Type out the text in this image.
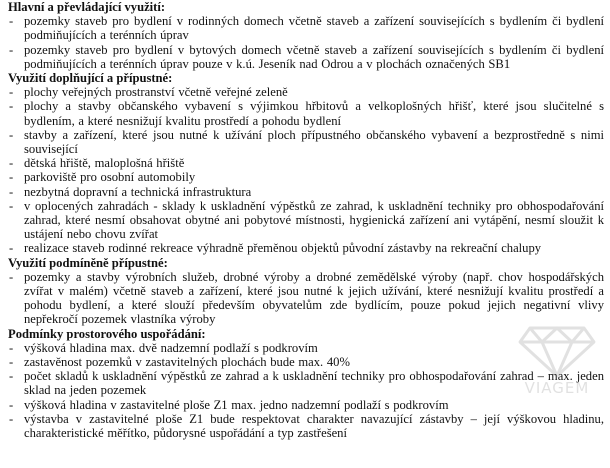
Hlavní a převládající využití:
- pozemky staveb pro bydlení v rodinných domech včetně staveb a zařízení souvisejících s bydlením či bydlení podmiňujících a terénních úprav
- pozemky staveb pro bydlení v bytových domech včetně staveb a zařízení souvisejících s bydlením či bydlení podmiňujících a terénních úprav pouze v k.ú. Jeseník nad Odrou a v plochách označených SB1
Využití doplňující a přípustné:
- plochy veřejných prostranství včetně veřejné zeleně
- plochy a stavby občanského vybavení s výjimkou hřbitovů a velkoplošných hřišť, které jsou slučitelné s bydlením, a které nesnižují kvalitu prostředí a pohodu bydlení
- stavby a zařízení, které jsou nutné k užívání ploch přípustného občanského vybavení a bezprostředně s nimi související
- dětská hřiště, maloplošná hřiště
- parkoviště pro osobní automobily
- nezbytná dopravní a technická infrastruktura
- v oplocených zahradách - sklady k uskladnění výpěstků ze zahrad, k uskladnění techniky pro obhospodařování zahrad, které nesmí obsahovat obytné ani pobytové místnosti, hygienická zařízení ani vytápění, nesmí sloužit k ustájení nebo chovu zvířat
- realizace staveb rodinné rekreace výhradně přeměnou objektů původní zástavby na rekreační chalupy
Využití podmíněně přípustné:
- pozemky a stavby výrobních služeb, drobné výroby a drobné zemědělské výroby (např. chov hospodářských zvířat v malém) včetně staveb a zařízení, které jsou nutné k jejich užívání, které nesnižují kvalitu prostředí a pohodu bydlení, a které slouží především obyvatelům zde bydlícím, pouze pokud jejich negativní vlivy nepřekročí pozemek vlastníka výroby
Podmínky prostorového uspořádání:
- výšková hladina max. dvě nadzemní podlaží s podkrovím
- zastavěnost pozemků v zastavitelných plochách bude max. 40%
- počet skladů k uskladnění výpěstků ze zahrad a k uskladnění techniky pro obhospodařování zahrad – max. jeden sklad na jeden pozemek
- výšková hladina v zastavitelné ploše Z1 max. jedno nadzemní podlaží s podkrovím
- výstavba v zastavitelné ploše Z1 bude respektovat charakter navazující zástavby – její výškovou hladinu, charakteristické měřítko, půdorysné uspořádání a typ zastřešení
VIAGEM
